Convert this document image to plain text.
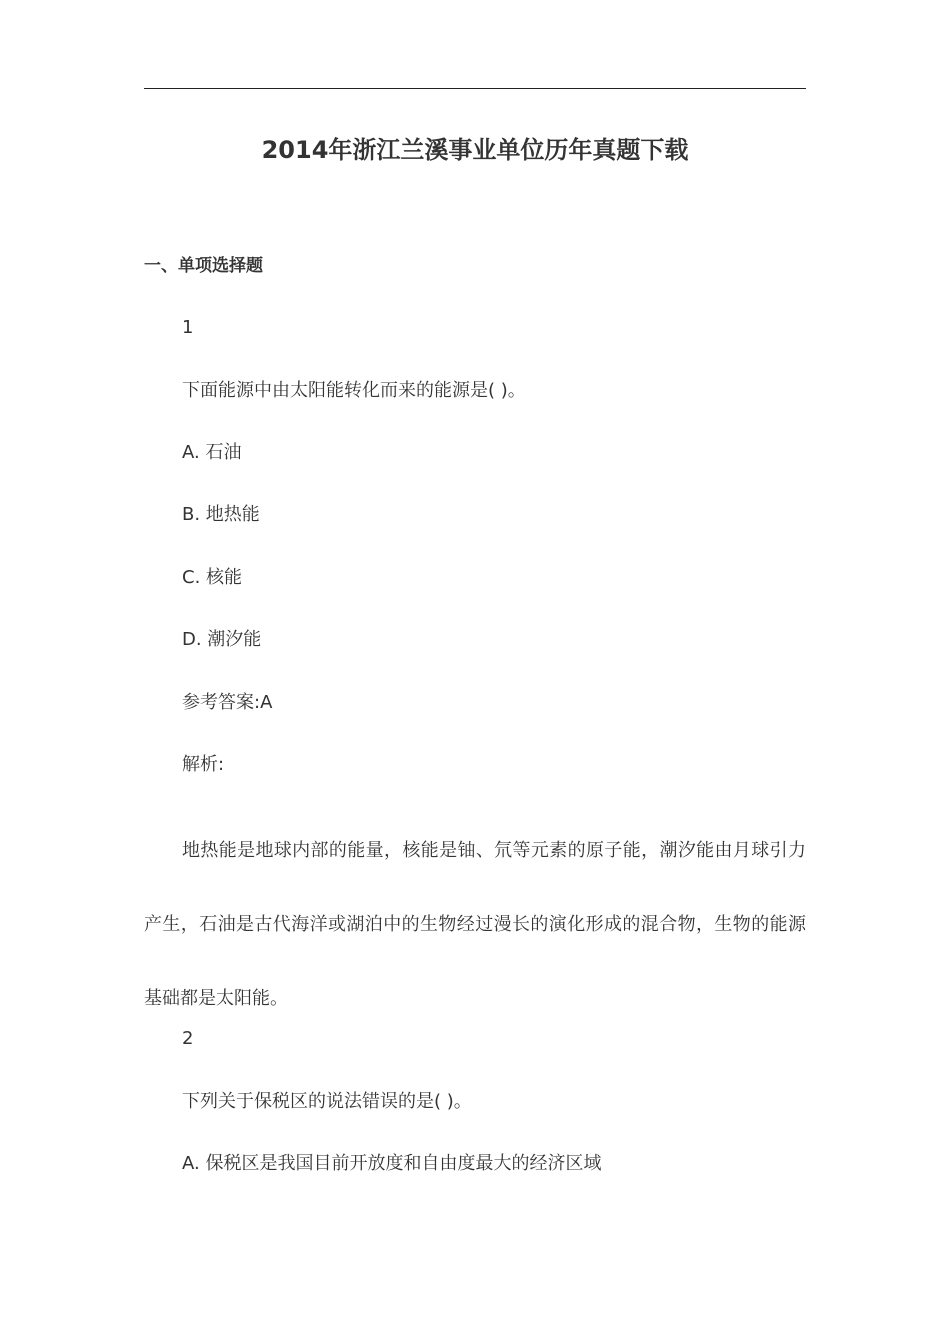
2014年浙江兰溪事业单位历年真题下载
一、单项选择题
1
下面能源中由太阳能转化而来的能源是( )。
A. 石油
B. 地热能
C. 核能
D. 潮汐能
参考答案:A
解析:
地热能是地球内部的能量，核能是铀、氘等元素的原子能，潮汐能由月球引力产生，石油是古代海洋或湖泊中的生物经过漫长的演化形成的混合物，生物的能源基础都是太阳能。
2
下列关于保税区的说法错误的是( )。
A. 保税区是我国目前开放度和自由度最大的经济区域
